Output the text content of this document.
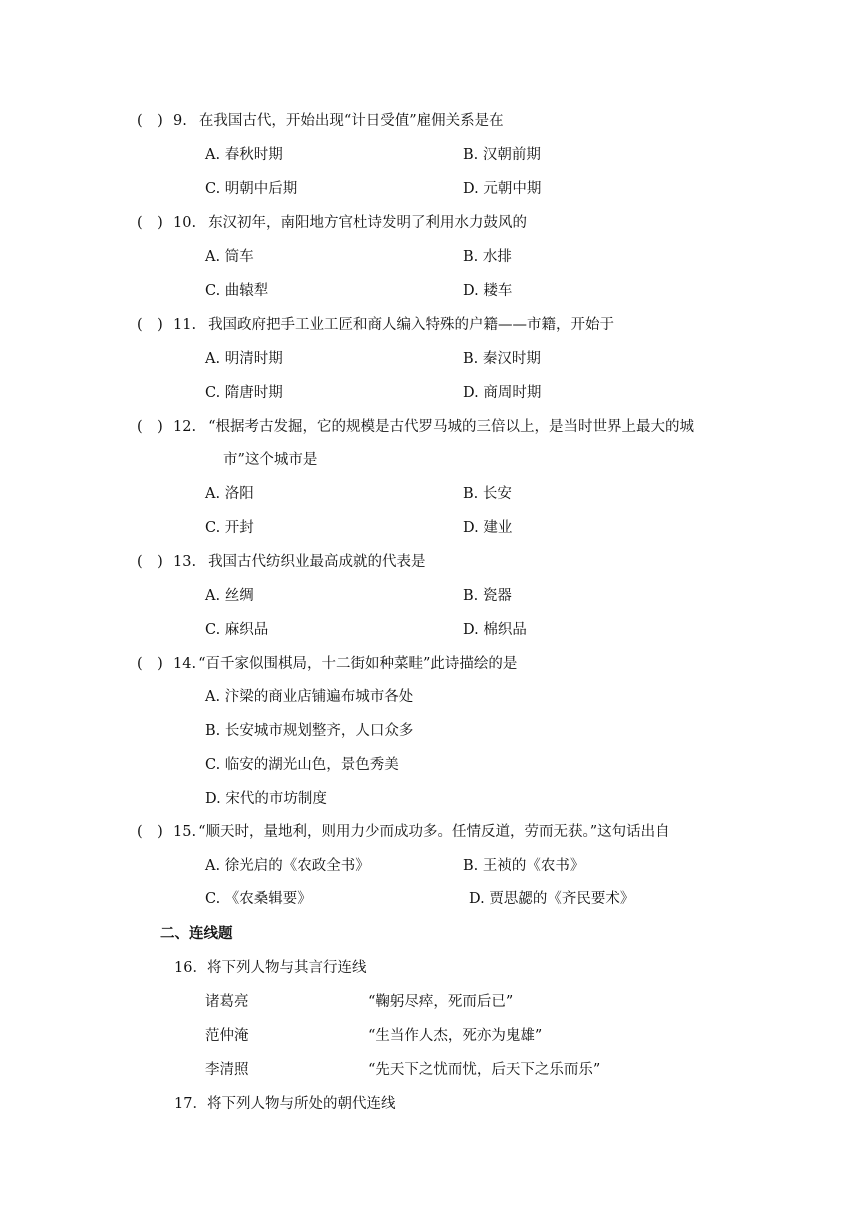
(　) 9. 在我国古代，开始出现“计日受值”雇佣关系是在
A. 春秋时期	B. 汉朝前期
C. 明朝中后期	D. 元朝中期
(　) 10. 东汉初年，南阳地方官杜诗发明了利用水力鼓风的
A. 筒车	B. 水排
C. 曲辕犁	D. 耧车
(　) 11. 我国政府把手工业工匠和商人编入特殊的户籍——市籍，开始于
A. 明清时期	B. 秦汉时期
C. 隋唐时期	D. 商周时期
(　) 12. “根据考古发掘，它的规模是古代罗马城的三倍以上，是当时世界上最大的城
市”这个城市是
A. 洛阳	B. 长安
C. 开封	D. 建业
(　) 13. 我国古代纺织业最高成就的代表是
A. 丝绸	B. 瓷器
C. 麻织品	D. 棉织品
(　) 14. “百千家似围棋局，十二街如种菜畦”此诗描绘的是
A. 汴梁的商业店铺遍布城市各处
B. 长安城市规划整齐，人口众多
C. 临安的湖光山色，景色秀美
D. 宋代的市坊制度
(　) 15. “顺天时，量地利，则用力少而成功多。任情反道，劳而无获。”这句话出自
A. 徐光启的《农政全书》	B. 王祯的《农书》
C. 《农桑辑要》	D. 贾思勰的《齐民要术》
二、连线题
16．将下列人物与其言行连线
诸葛亮	“鞠躬尽瘁，死而后已”
范仲淹	“生当作人杰，死亦为鬼雄”
李清照	“先天下之忧而忧，后天下之乐而乐”
17．将下列人物与所处的朝代连线
